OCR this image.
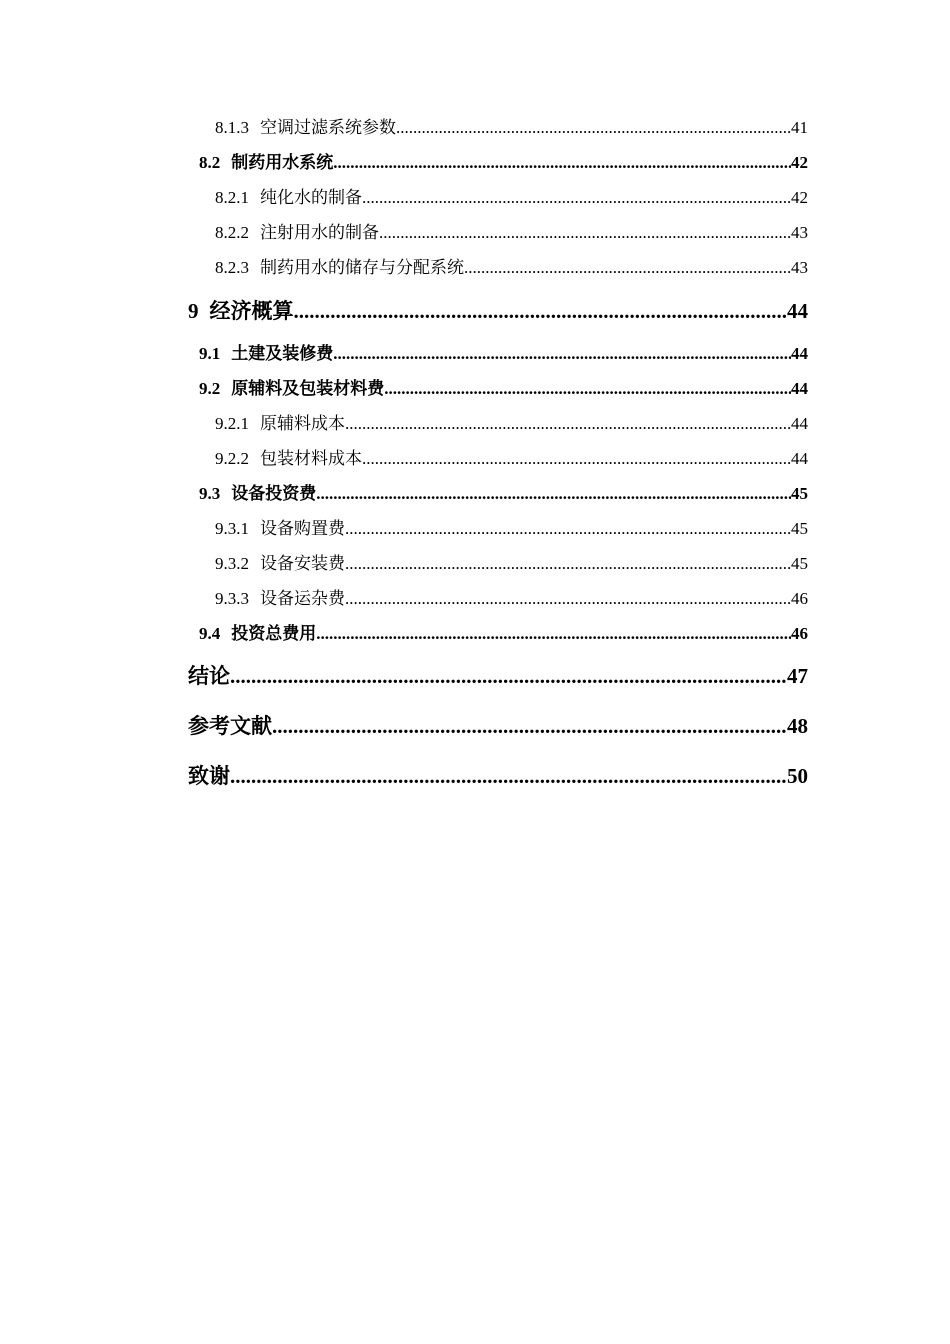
8.1.3 空调过滤系统参数 .....	41
8.2 制药用水系统 .....	42
8.2.1 纯化水的制备 .....	42
8.2.2 注射用水的制备 .....	43
8.2.3 制药用水的储存与分配系统 .....	43
9 经济概算 .....	44
9.1 土建及装修费 .....	44
9.2 原辅料及包装材料费 .....	44
9.2.1 原辅料成本 .....	44
9.2.2 包装材料成本 .....	44
9.3 设备投资费 .....	45
9.3.1 设备购置费 .....	45
9.3.2 设备安装费 .....	45
9.3.3 设备运杂费 .....	46
9.4 投资总费用 .....	46
结论 .....	47
参考文献 .....	48
致谢 .....	50
